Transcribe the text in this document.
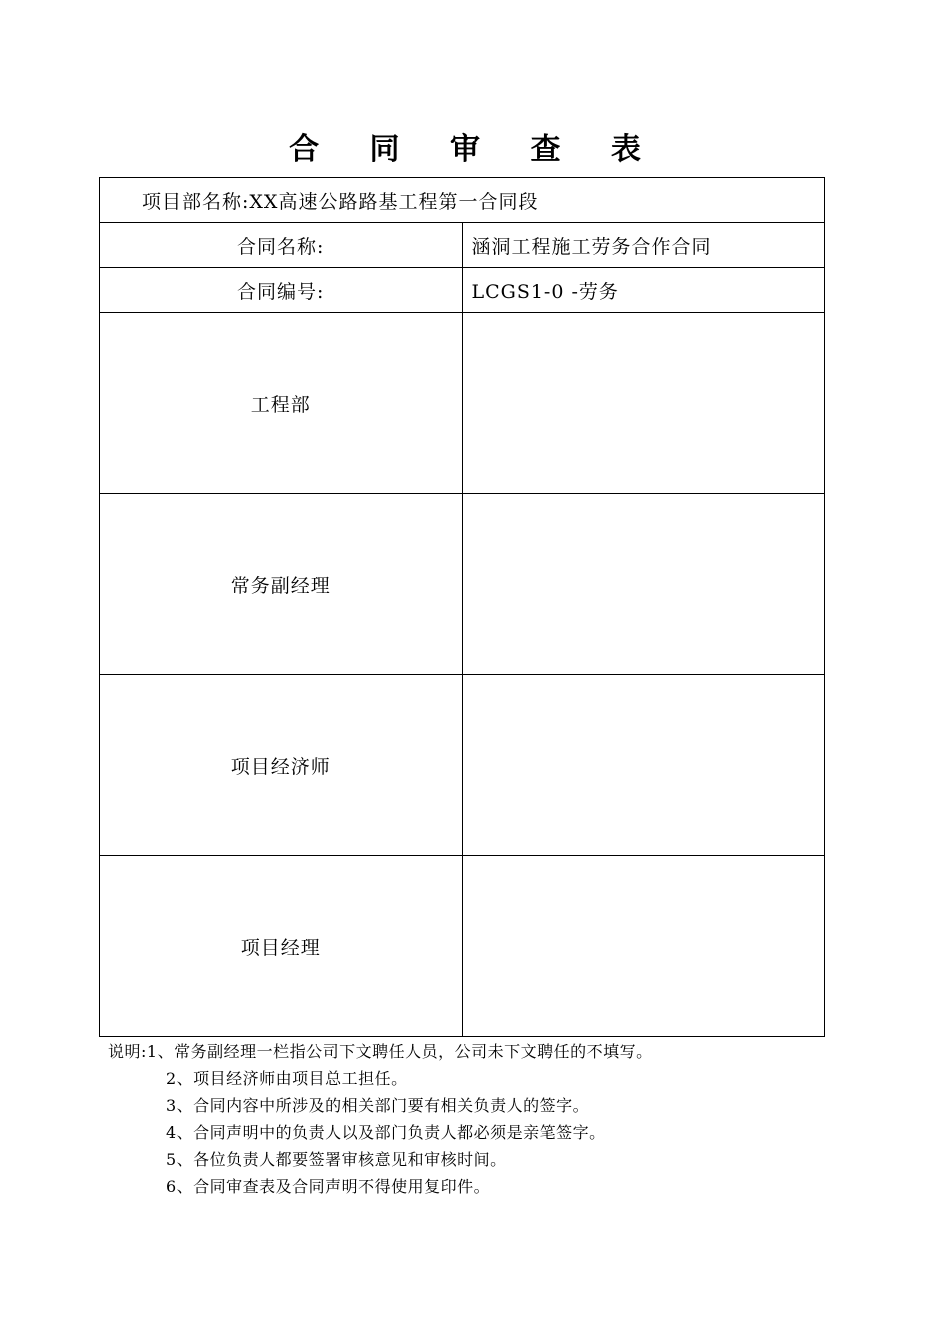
合 同 审 查 表
项目部名称:XX高速公路路基工程第一合同段	
合同名称:	涵洞工程施工劳务合作合同
合同编号:	LCGS1-0 -劳务
工程部	
常务副经理	
项目经济师	
项目经理	
说明:1、常务副经理一栏指公司下文聘任人员，公司未下文聘任的不填写。
2、项目经济师由项目总工担任。
3、合同内容中所涉及的相关部门要有相关负责人的签字。
4、合同声明中的负责人以及部门负责人都必须是亲笔签字。
5、各位负责人都要签署审核意见和审核时间。
6、合同审查表及合同声明不得使用复印件。
